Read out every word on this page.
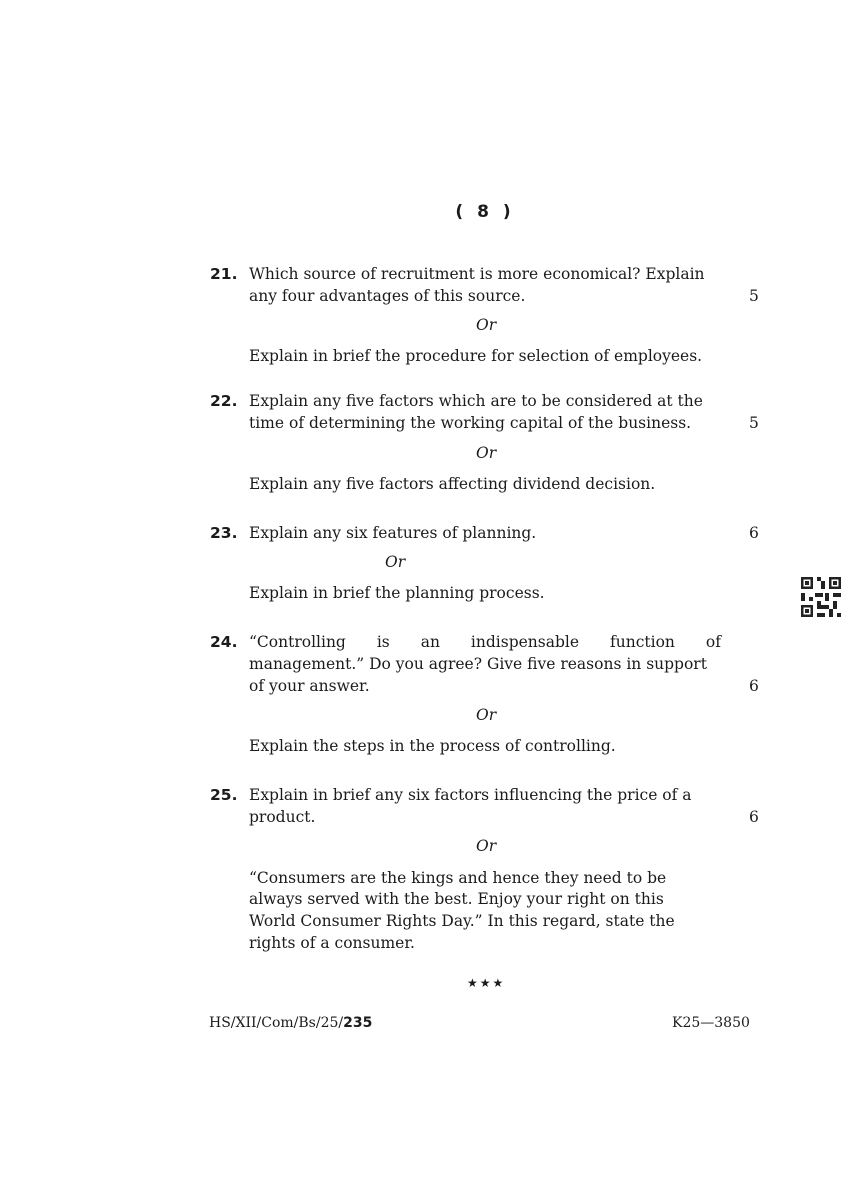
( 8 )
21. Which source of recruitment is more economical? Explain
any four advantages of this source.	5
Or
Explain in brief the procedure for selection of employees.
22. Explain any five factors which are to be considered at the
time of determining the working capital of the business.	5
Or
Explain any five factors affecting dividend decision.
23. Explain any six features of planning.	6
Or
Explain in brief the planning process.
24. “Controlling is an indispensable function of
management.” Do you agree? Give five reasons in support
of your answer.	6
Or
Explain the steps in the process of controlling.
25. Explain in brief any six factors influencing the price of a
product.	6
Or
“Consumers are the kings and hence they need to be
always served with the best. Enjoy your right on this
World Consumer Rights Day.” In this regard, state the
rights of a consumer.
★★★
HS/XII/Com/Bs/25/235	K25—3850
